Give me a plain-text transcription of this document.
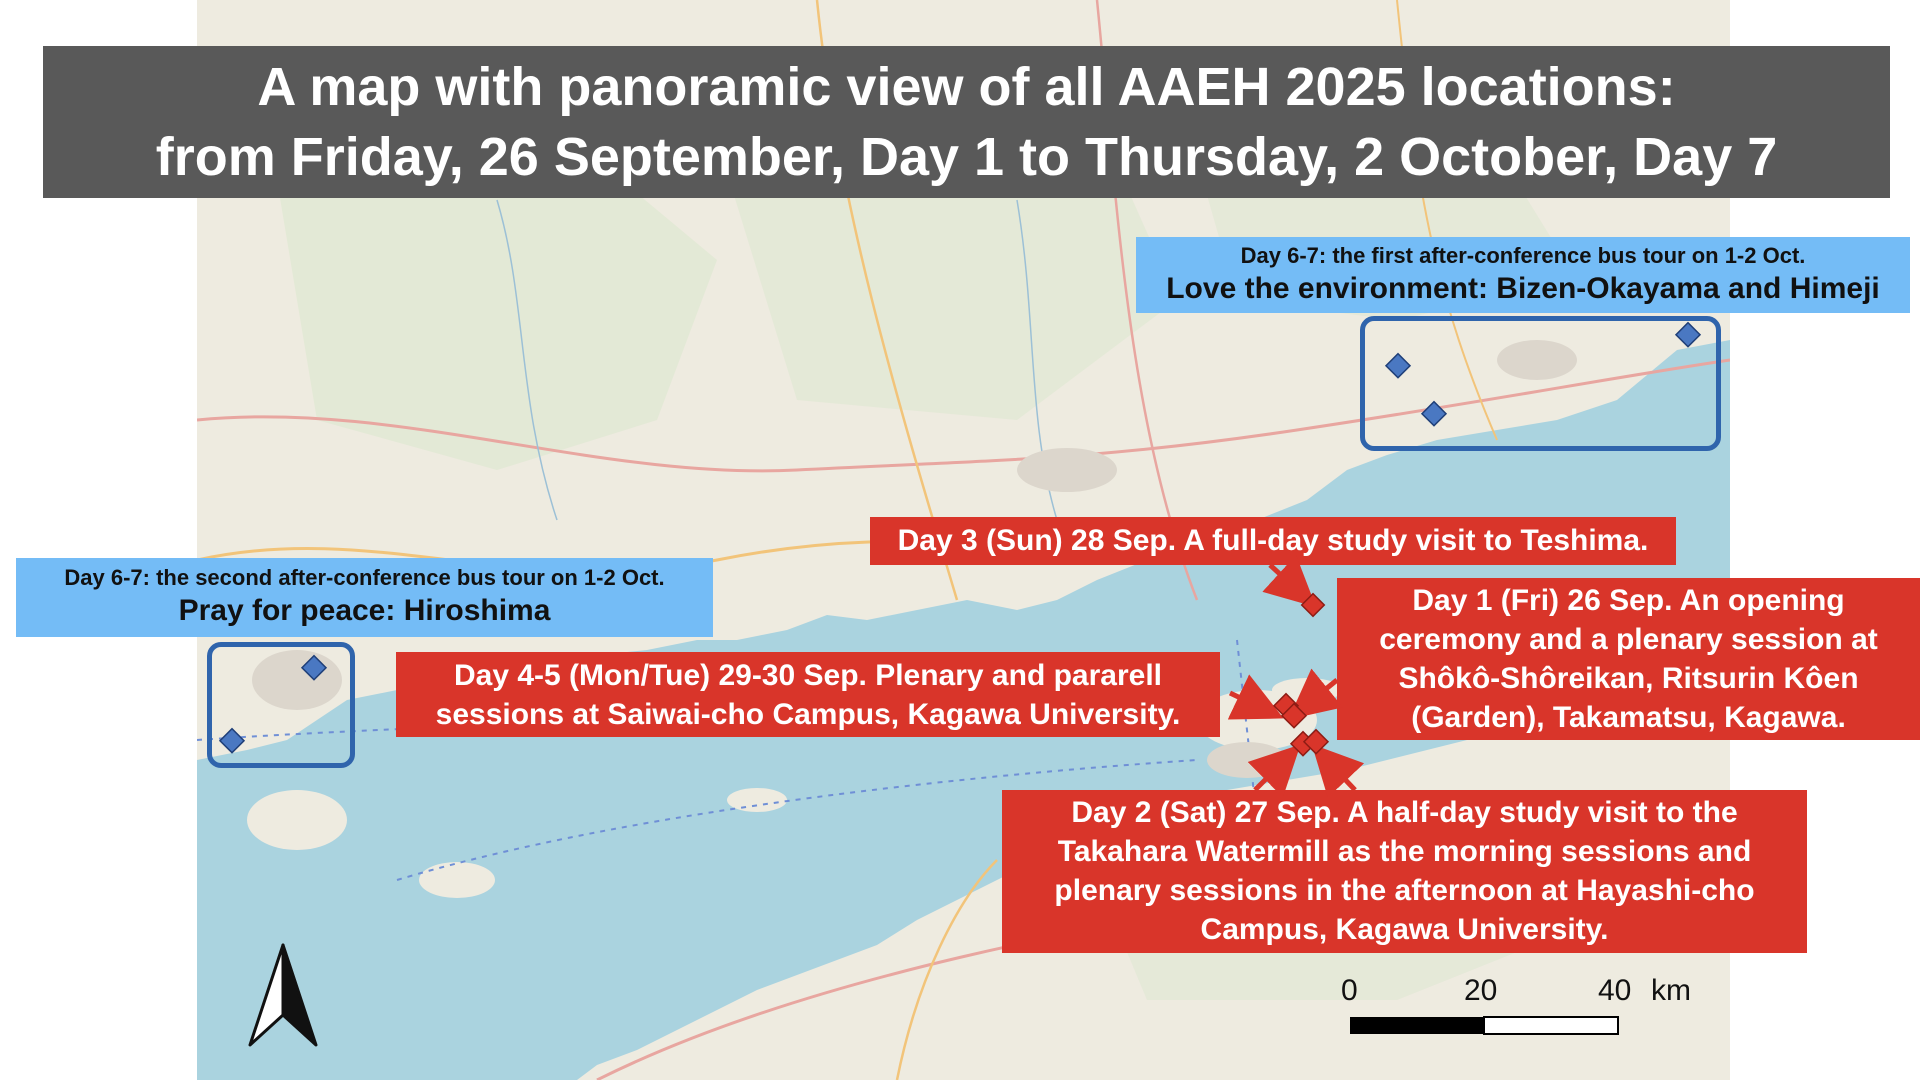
A map with panoramic view of all AAEH 2025 locations:
from Friday, 26 September, Day 1 to Thursday, 2 October, Day 7
Day 6-7: the first after-conference bus tour on 1-2 Oct.
Love the environment: Bizen-Okayama and Himeji
Day 6-7: the second after-conference bus tour on 1-2 Oct.
Pray for peace: Hiroshima
Day 3 (Sun) 28 Sep. A full-day study visit to Teshima.
Day 1 (Fri) 26 Sep. An opening
ceremony and a plenary session at
Shôkô-Shôreikan, Ritsurin Kôen
(Garden), Takamatsu, Kagawa.
Day 4-5 (Mon/Tue) 29-30 Sep. Plenary and pararell
sessions at Saiwai-cho Campus, Kagawa University.
Day 2 (Sat) 27 Sep. A half-day study visit to the
Takahara Watermill as the morning sessions and
plenary sessions in the afternoon at Hayashi-cho
Campus, Kagawa University.
0	20	40 km
